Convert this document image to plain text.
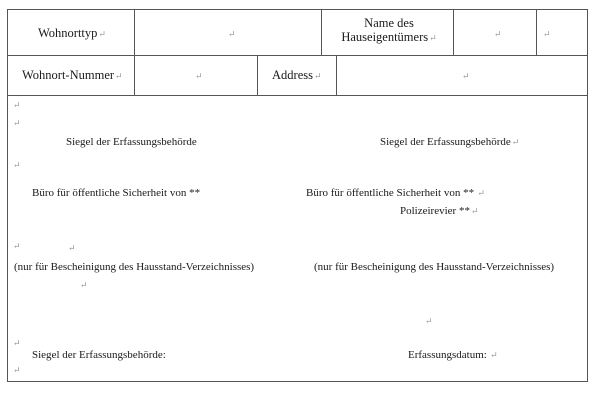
Wohnorttyp↵	↵
Name des
Hauseigentümers↵	↵	↵
Wohnort-Nummer↵	↵	Address↵	↵
↵
↵
↵
↵	↵
↵
↵
↵
↵
Siegel der Erfassungsbehörde
Büro für öffentliche Sicherheit von **
(nur für Bescheinigung des Hausstand-Verzeichnisses)
Siegel der Erfassungsbehörde:
Siegel der Erfassungsbehörde↵
Büro für öffentliche Sicherheit von ** ↵
Polizeirevier **↵
(nur für Bescheinigung des Hausstand-Verzeichnisses)
Erfassungsdatum: ↵
